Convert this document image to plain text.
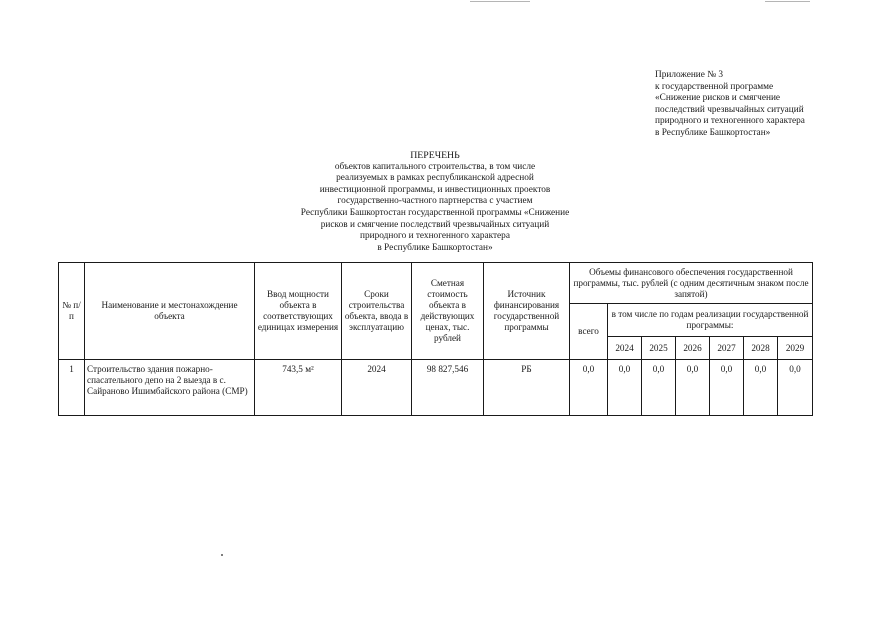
Приложение № 3
к государственной программе
«Снижение рисков и смягчение
последствий чрезвычайных ситуаций
природного и техногенного характера
в Республике Башкортостан»
ПЕРЕЧЕНЬ
объектов капитального строительства, в том числе
реализуемых в рамках республиканской адресной
инвестиционной программы, и инвестиционных проектов
государственно-частного партнерства с участием
Республики Башкортостан государственной программы «Снижение
рисков и смягчение последствий чрезвычайных ситуаций
природного и техногенного характера
в Республике Башкортостан»
№ п/п	Наименование и местонахождение объекта	Ввод мощности объекта в соответствующих единицах измерения	Сроки строительства объекта, ввода в эксплуатацию	Сметная стоимость объекта в действующих ценах, тыс. рублей	Источник финансирования государственной программы	Объемы финансового обеспечения государственной программы, тыс. рублей (с одним десятичным знаком после запятой)						
						всего	в том числе по годам реализации государственной программы:					
							2024	2025	2026	2027	2028	2029
1	Строительство здания пожарно-спасательного депо на 2 выезда в с. Сайраново Ишимбайского района (СМР)	743,5 м²	2024	98 827,546	РБ	0,0	0,0	0,0	0,0	0,0	0,0	0,0
